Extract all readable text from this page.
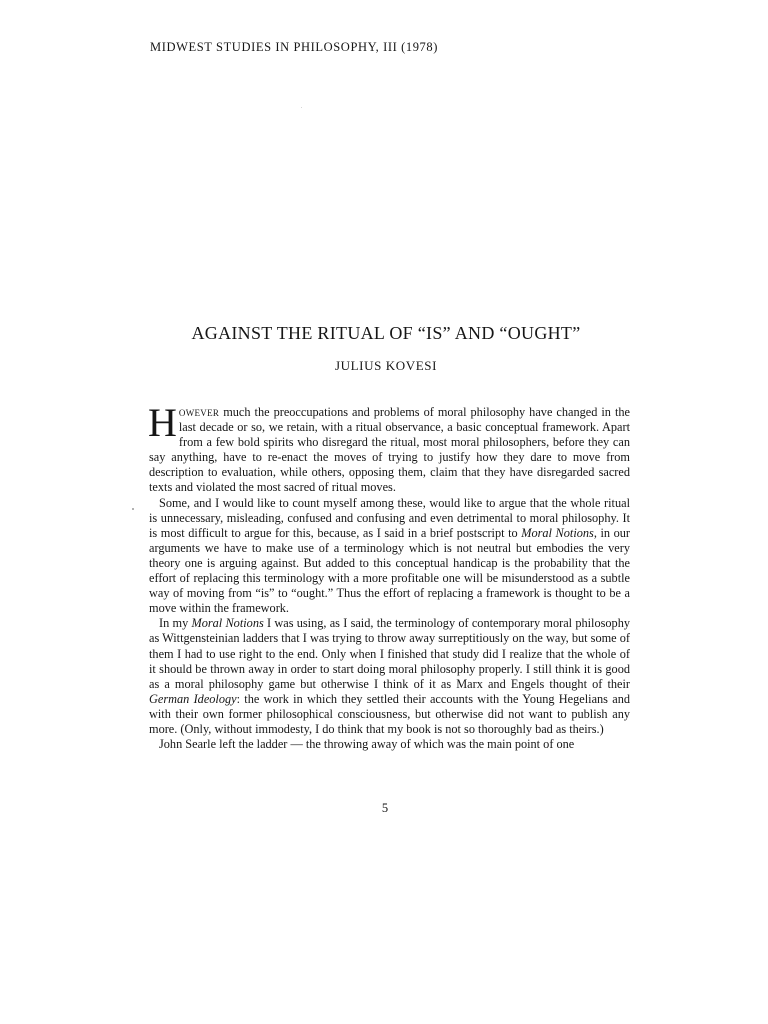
MIDWEST STUDIES IN PHILOSOPHY, III (1978)
AGAINST THE RITUAL OF “IS” AND “OUGHT”
JULIUS KOVESI

However much the preoccupations and problems of moral philosophy have changed in the last decade or so, we retain, with a ritual observance, a basic conceptual framework. Apart from a few bold spirits who disregard the ritual, most moral philosophers, before they can say anything, have to re-enact the moves of trying to justify how they dare to move from description to evaluation, while others, opposing them, claim that they have disregarded sacred texts and violated the most sacred of ritual moves.

Some, and I would like to count myself among these, would like to argue that the whole ritual is unnecessary, misleading, confused and confusing and even detrimental to moral philosophy. It is most difficult to argue for this, because, as I said in a brief postscript to Moral Notions, in our arguments we have to make use of a terminology which is not neutral but embodies the very theory one is arguing against. But added to this conceptual handicap is the probability that the effort of replacing this terminology with a more profitable one will be misunderstood as a subtle way of moving from “is” to “ought.” Thus the effort of replacing a framework is thought to be a move within the framework.

In my Moral Notions I was using, as I said, the terminology of contemporary moral philosophy as Wittgensteinian ladders that I was trying to throw away surreptitiously on the way, but some of them I had to use right to the end. Only when I finished that study did I realize that the whole of it should be thrown away in order to start doing moral philosophy properly. I still think it is good as a moral philosophy game but otherwise I think of it as Marx and Engels thought of their German Ideology: the work in which they settled their accounts with the Young Hegelians and with their own former philosophical consciousness, but otherwise did not want to publish any more. (Only, without immodesty, I do think that my book is not so thoroughly bad as theirs.)

John Searle left the ladder — the throwing away of which was the main point of one

5
